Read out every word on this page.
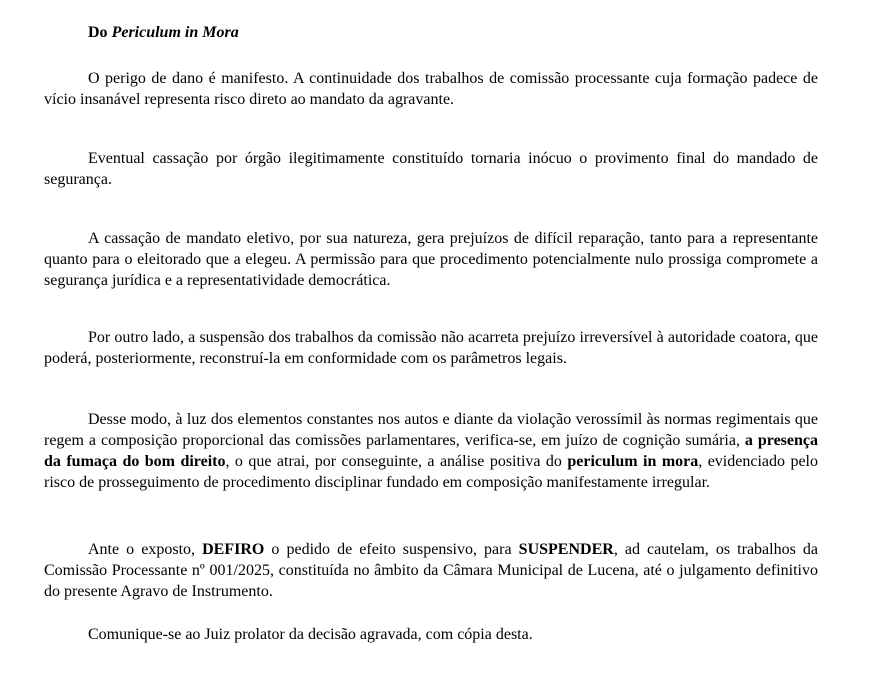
Do Periculum in Mora

O perigo de dano é manifesto. A continuidade dos trabalhos de comissão processante cuja formação padece de vício insanável representa risco direto ao mandato da agravante.

Eventual cassação por órgão ilegitimamente constituído tornaria inócuo o provimento final do mandado de segurança.

A cassação de mandato eletivo, por sua natureza, gera prejuízos de difícil reparação, tanto para a representante quanto para o eleitorado que a elegeu. A permissão para que procedimento potencialmente nulo prossiga compromete a segurança jurídica e a representatividade democrática.

Por outro lado, a suspensão dos trabalhos da comissão não acarreta prejuízo irreversível à autoridade coatora, que poderá, posteriormente, reconstruí-la em conformidade com os parâmetros legais.

Desse modo, à luz dos elementos constantes nos autos e diante da violação verossímil às normas regimentais que regem a composição proporcional das comissões parlamentares, verifica-se, em juízo de cognição sumária, a presença da fumaça do bom direito, o que atrai, por conseguinte, a análise positiva do periculum in mora, evidenciado pelo risco de prosseguimento de procedimento disciplinar fundado em composição manifestamente irregular.

Ante o exposto, DEFIRO o pedido de efeito suspensivo, para SUSPENDER, ad cautelam, os trabalhos da Comissão Processante nº 001/2025, constituída no âmbito da Câmara Municipal de Lucena, até o julgamento definitivo do presente Agravo de Instrumento.

Comunique-se ao Juiz prolator da decisão agravada, com cópia desta.
